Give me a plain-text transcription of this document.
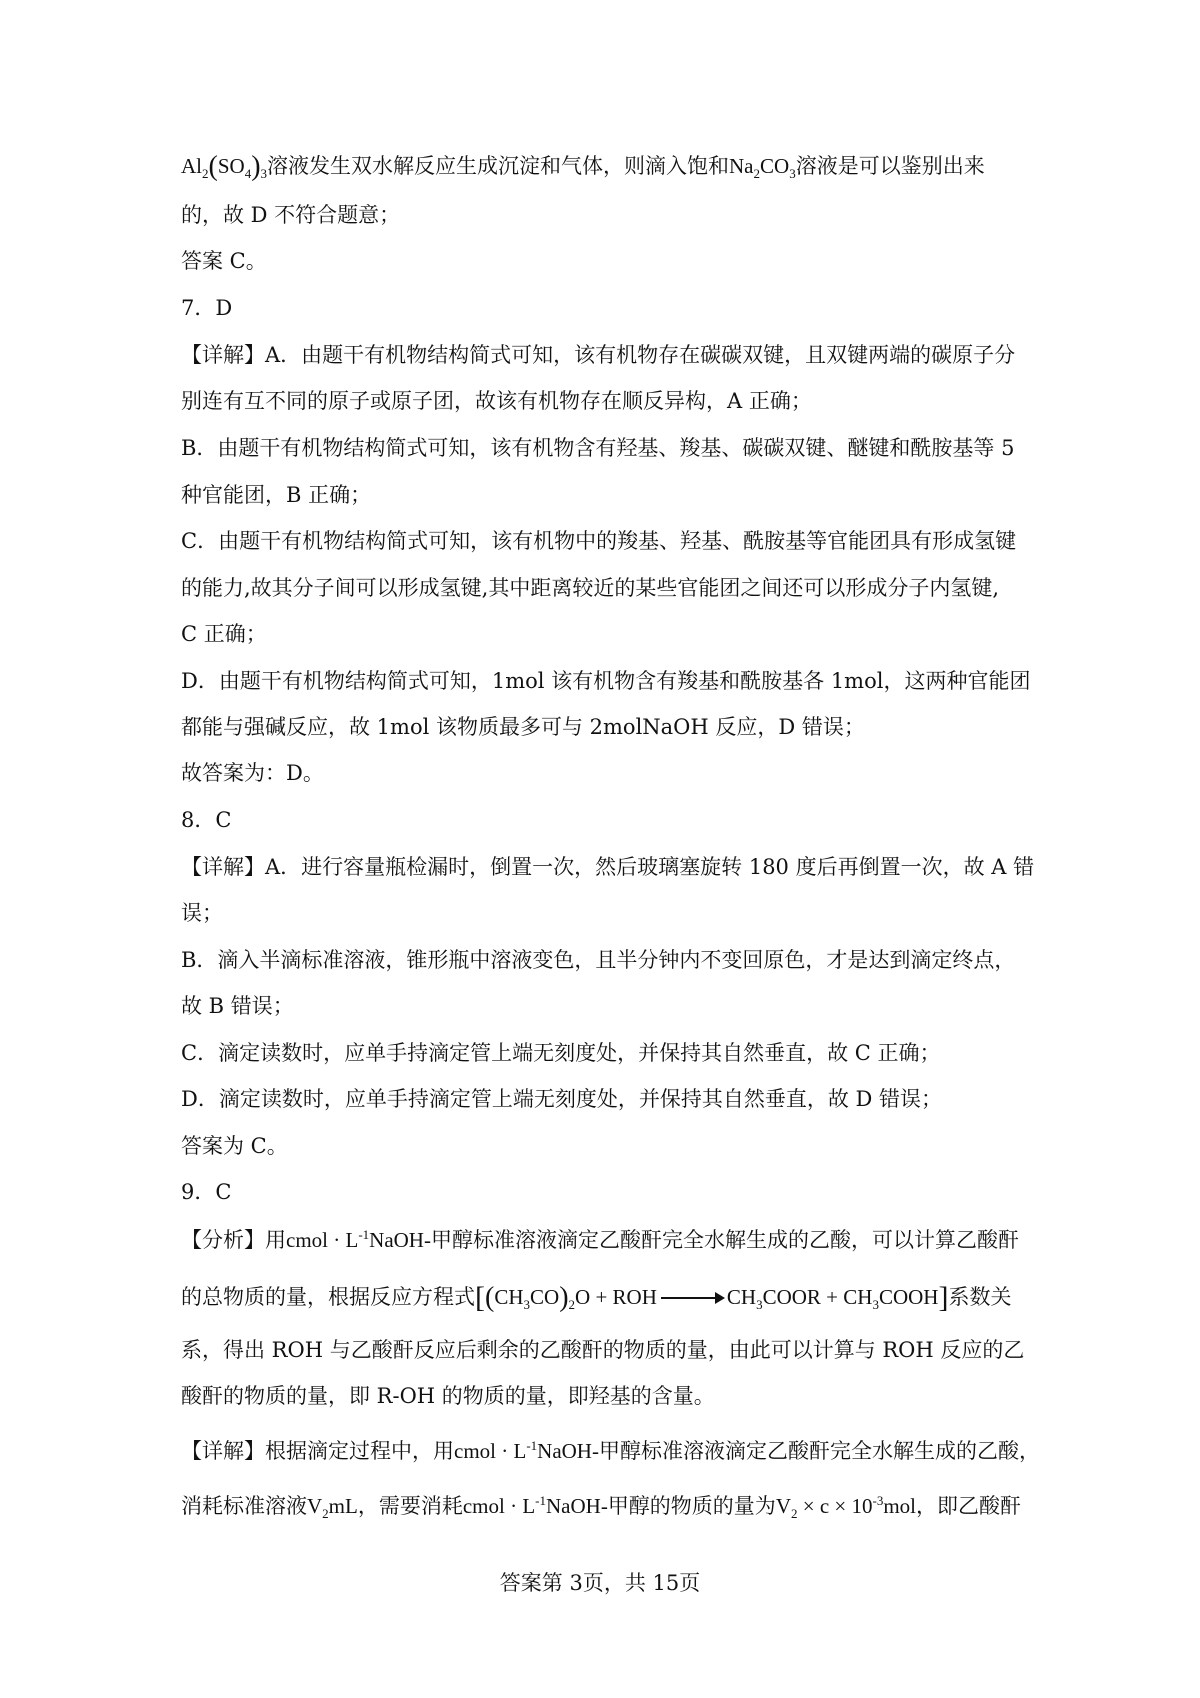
$Al_2(SO_4)_3$溶液发生双水解反应生成沉淀和气体，则滴入饱和$Na_2CO_3$溶液是可以鉴别出来
的，故 D 不符合题意；
答案 C。
7．D
【详解】A．由题干有机物结构简式可知，该有机物存在碳碳双键，且双键两端的碳原子分
别连有互不同的原子或原子团，故该有机物存在顺反异构，A 正确；
B．由题干有机物结构简式可知，该有机物含有羟基、羧基、碳碳双键、醚键和酰胺基等 5
种官能团，B 正确；
C．由题干有机物结构简式可知，该有机物中的羧基、羟基、酰胺基等官能团具有形成氢键
的能力,故其分子间可以形成氢键,其中距离较近的某些官能团之间还可以形成分子内氢键,
C 正确；
D．由题干有机物结构简式可知，1mol 该有机物含有羧基和酰胺基各 1mol，这两种官能团
都能与强碱反应，故 1mol 该物质最多可与 2molNaOH 反应，D 错误；
故答案为：D。
8．C
【详解】A．进行容量瓶检漏时，倒置一次，然后玻璃塞旋转 180 度后再倒置一次，故 A 错
误；
B．滴入半滴标准溶液，锥形瓶中溶液变色，且半分钟内不变回原色，才是达到滴定终点，
故 B 错误；
C．滴定读数时，应单手持滴定管上端无刻度处，并保持其自然垂直，故 C 正确；
D．滴定读数时，应单手持滴定管上端无刻度处，并保持其自然垂直，故 D 错误；
答案为 C。
9．C
【分析】用cmol · $L^{-1}NaOH-$甲醇标准溶液滴定乙酸酐完全水解生成的乙酸，可以计算乙酸酐
的总物质的量，根据反应方程式[$(CH_3CO)_2O$ + ROH → $CH_3COOR$ + $CH_3COOH$]系数关
系，得出 ROH 与乙酸酐反应后剩余的乙酸酐的物质的量，由此可以计算与 ROH 反应的乙
酸酐的物质的量，即 R-OH 的物质的量，即羟基的含量。
【详解】根据滴定过程中，用cmol · $L^{-1}NaOH-$甲醇标准溶液滴定乙酸酐完全水解生成的乙酸，
消耗标准溶液$V_2mL$，需要消耗cmol · $L^{-1}NaOH-$甲醇的物质的量为$V_2 \times c \times 10^{-3}mol$，即乙酸酐
答案第 3页，共 15页
